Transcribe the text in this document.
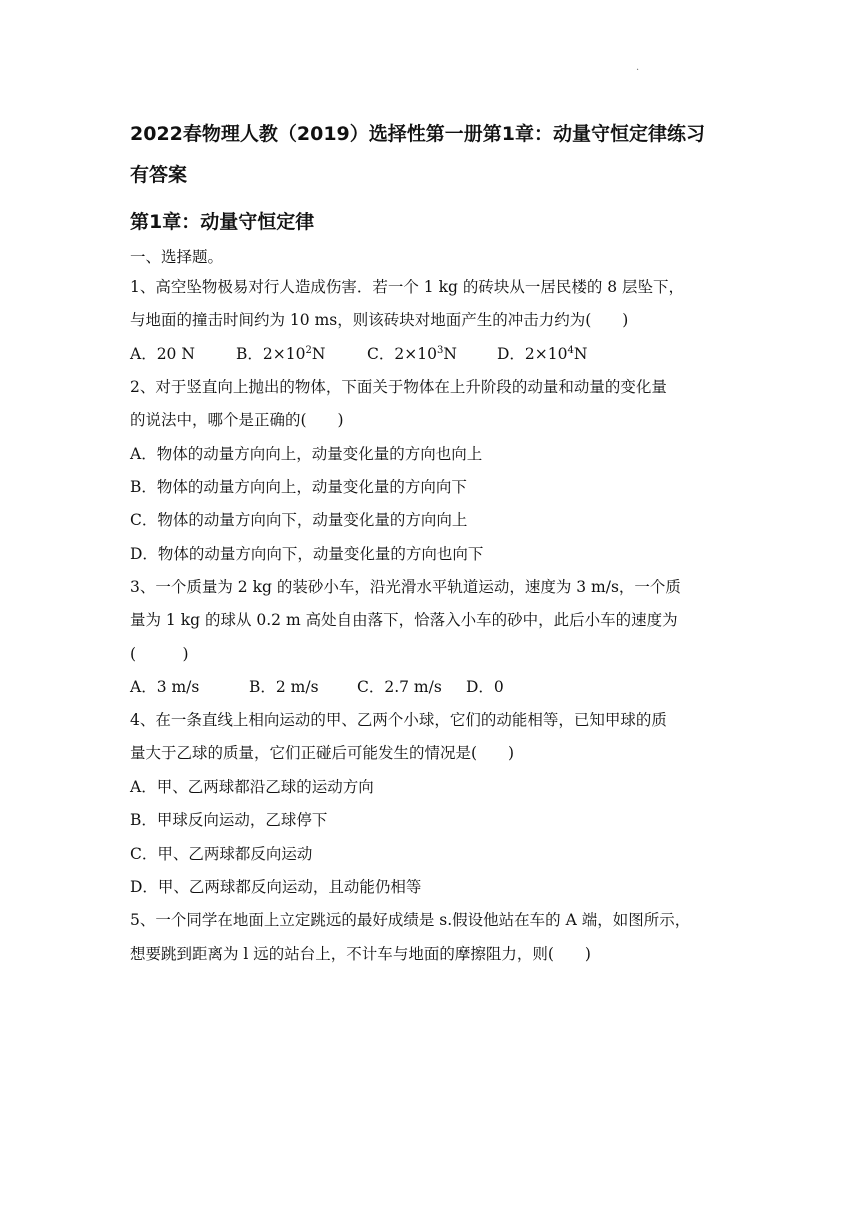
·
2022春物理人教（2019）选择性第一册第1章：动量守恒定律练习
有答案
第1章：动量守恒定律
一、选择题。
1、高空坠物极易对行人造成伤害．若一个 1 kg 的砖块从一居民楼的 8 层坠下，
与地面的撞击时间约为 10 ms，则该砖块对地面产生的冲击力约为(　　)
A．20 N	B．$2\times 10^2N$	C．$2\times 10^3N$	D．$2\times 10^4N$
2、对于竖直向上抛出的物体，下面关于物体在上升阶段的动量和动量的变化量
的说法中，哪个是正确的(　　)
A．物体的动量方向向上，动量变化量的方向也向上
B．物体的动量方向向上，动量变化量的方向向下
C．物体的动量方向向下，动量变化量的方向向上
D．物体的动量方向向下，动量变化量的方向也向下
3、一个质量为 2 kg 的装砂小车，沿光滑水平轨道运动，速度为 3 m/s，一个质
量为 1 kg 的球从 0.2 m 高处自由落下，恰落入小车的砂中，此后小车的速度为
(　　　)
A．3 m/s	B．2 m/s	C．2.7 m/s	D．0
4、在一条直线上相向运动的甲、乙两个小球，它们的动能相等，已知甲球的质
量大于乙球的质量，它们正碰后可能发生的情况是(　　)
A．甲、乙两球都沿乙球的运动方向
B．甲球反向运动，乙球停下
C．甲、乙两球都反向运动
D．甲、乙两球都反向运动，且动能仍相等
5、一个同学在地面上立定跳远的最好成绩是 s.假设他站在车的 A 端，如图所示，
想要跳到距离为 l 远的站台上，不计车与地面的摩擦阻力，则(　　)
